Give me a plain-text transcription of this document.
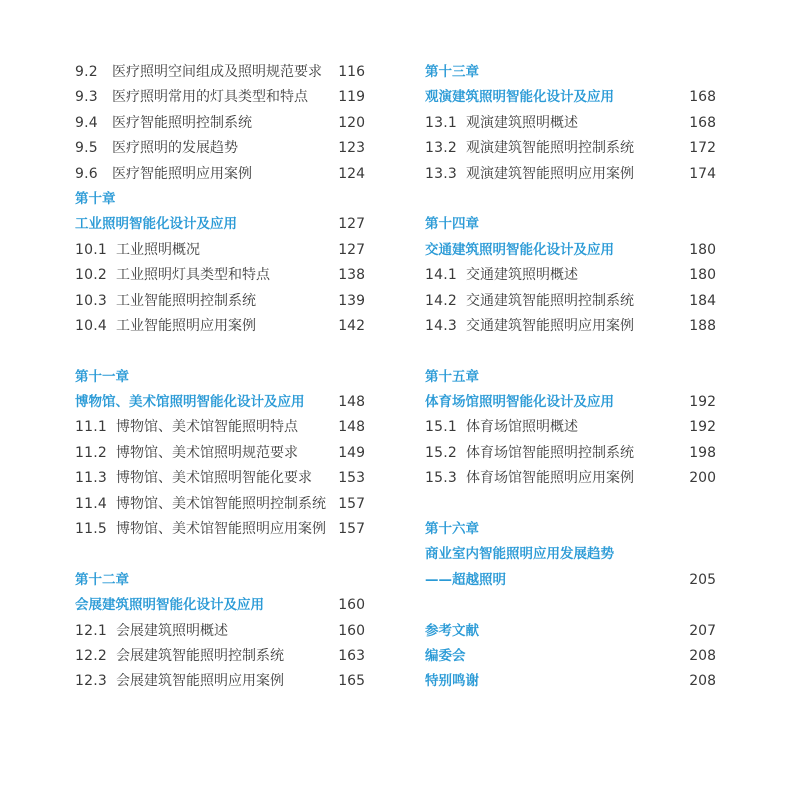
9.2 医疗照明空间组成及照明规范要求 116
9.3 医疗照明常用的灯具类型和特点 119
9.4 医疗智能照明控制系统	120
9.5 医疗照明的发展趋势	123
9.6 医疗智能照明应用案例	124
第十章
工业照明智能化设计及应用	127
10.1 工业照明概况	127
10.2 工业照明灯具类型和特点	138
10.3 工业智能照明控制系统	139
10.4 工业智能照明应用案例	142
第十一章
博物馆、美术馆照明智能化设计及应用 148
11.1 博物馆、美术馆智能照明特点	148
11.2 博物馆、美术馆照明规范要求	149
11.3 博物馆、美术馆照明智能化要求 153
11.4 博物馆、美术馆智能照明控制系统 157
11.5 博物馆、美术馆智能照明应用案例 157
第十二章
会展建筑照明智能化设计及应用	160
12.1 会展建筑照明概述	160
12.2 会展建筑智能照明控制系统	163
12.3 会展建筑智能照明应用案例	165
第十三章
观演建筑照明智能化设计及应用	168
13.1 观演建筑照明概述	168
13.2 观演建筑智能照明控制系统	172
13.3 观演建筑智能照明应用案例	174
第十四章
交通建筑照明智能化设计及应用	180
14.1 交通建筑照明概述	180
14.2 交通建筑智能照明控制系统	184
14.3 交通建筑智能照明应用案例	188
第十五章
体育场馆照明智能化设计及应用	192
15.1 体育场馆照明概述	192
15.2 体育场馆智能照明控制系统	198
15.3 体育场馆智能照明应用案例	200
第十六章
商业室内智能照明应用发展趋势
——超越照明	205
参考文献	207
编委会	208
特别鸣谢	208
